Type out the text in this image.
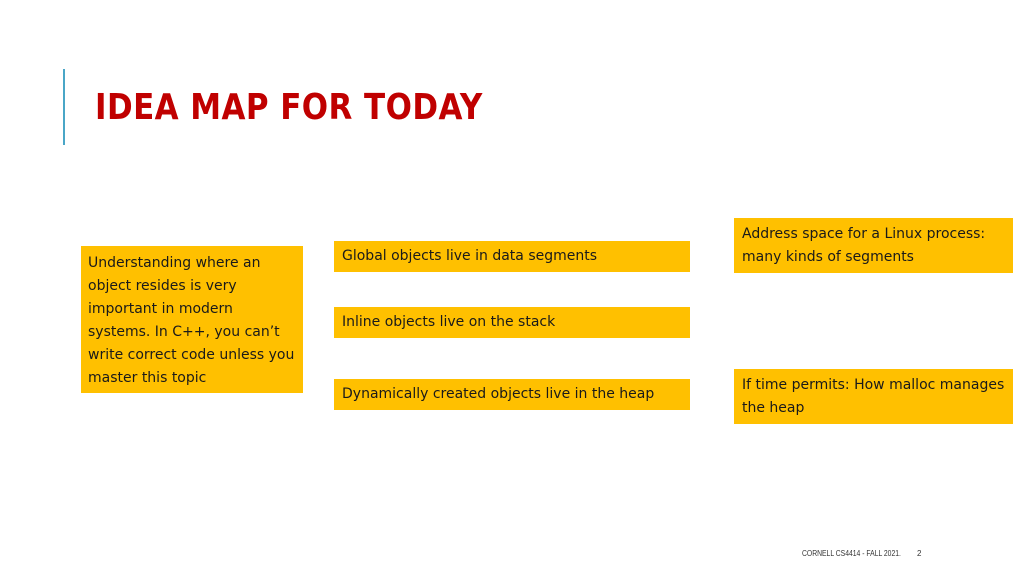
IDEA MAP FOR TODAY
Understanding where an object resides is very important in modern systems. In C++, you can’t write correct code unless you master this topic
Global objects live in data segments
Inline objects live on the stack
Dynamically created objects live in the heap
Address space for a Linux process: many kinds of segments
If time permits: How malloc manages the heap
CORNELL CS4414 - FALL 2021. 2
